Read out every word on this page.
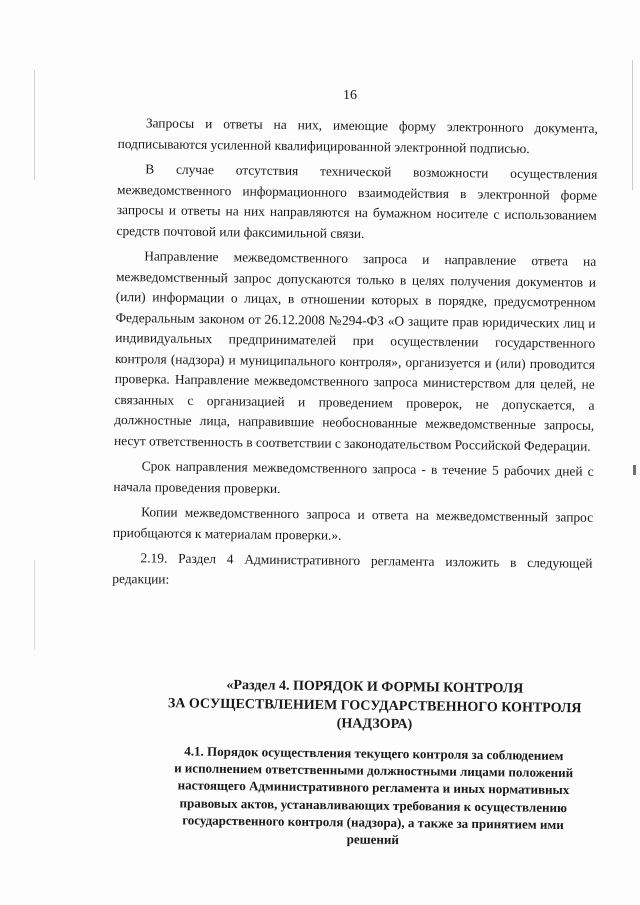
16

Запросы и ответы на них, имеющие форму электронного документа, подписываются усиленной квалифицированной электронной подписью.

В случае отсутствия технической возможности осуществления межведомственного информационного взаимодействия в электронной форме запросы и ответы на них направляются на бумажном носителе с использованием средств почтовой или факсимильной связи.

Направление межведомственного запроса и направление ответа на межведомственный запрос допускаются только в целях получения документов и (или) информации о лицах, в отношении которых в порядке, предусмотренном Федеральным законом от 26.12.2008 №294-ФЗ «О защите прав юридических лиц и индивидуальных предпринимателей при осуществлении государственного контроля (надзора) и муниципального контроля», организуется и (или) проводится проверка. Направление межведомственного запроса министерством для целей, не связанных с организацией и проведением проверок, не допускается, а должностные лица, направившие необоснованные межведомственные запросы, несут ответственность в соответствии с законодательством Российской Федерации.

Срок направления межведомственного запроса - в течение 5 рабочих дней с начала проведения проверки.

Копии межведомственного запроса и ответа на межведомственный запрос приобщаются к материалам проверки.».

2.19. Раздел 4 Административного регламента изложить в следующей редакции:

«Раздел 4. ПОРЯДОК И ФОРМЫ КОНТРОЛЯ
ЗА ОСУЩЕСТВЛЕНИЕМ ГОСУДАРСТВЕННОГО КОНТРОЛЯ
(НАДЗОРА)
4.1. Порядок осуществления текущего контроля за соблюдением
и исполнением ответственными должностными лицами положений
настоящего Административного регламента и иных нормативных
правовых актов, устанавливающих требования к осуществлению
государственного контроля (надзора), а также за принятием ими
решений
